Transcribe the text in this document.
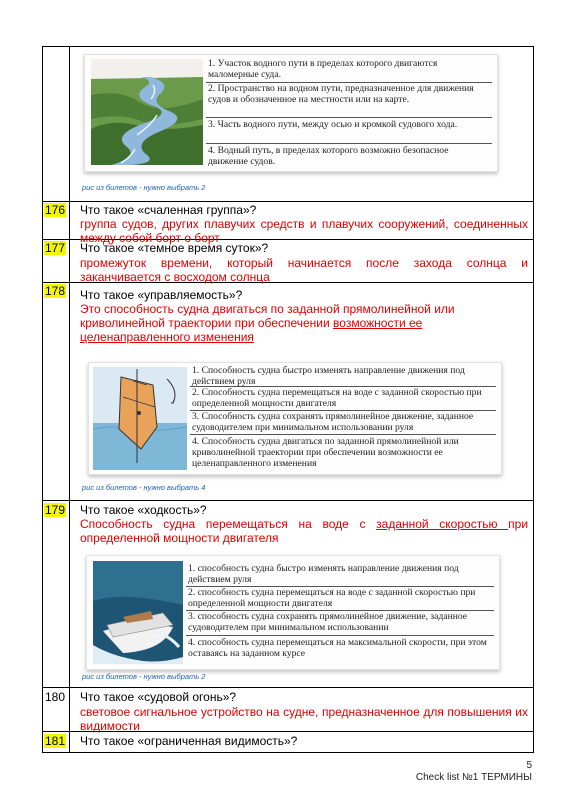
1. Участок водного пути в пределах которого двигаются маломерные суда.
2. Пространство на водном пути, предназначенное для движения судов и обозначенное на местности или на карте.
3. Часть водного пути, между осью и кромкой судового хода.
4. Водный путь, в пределах которого возможно безопасное движение судов.
рис из билетов - нужно выбрать 2
176 Что такое «счаленная группа»?
группа судов, других плавучих средств и плавучих сооружений, соединенных между собой борт о борт
177 Что такое «темное время суток»?
промежуток времени, который начинается после захода солнца и заканчивается с восходом солнца
178 Что такое «управляемость»?
Это способность судна двигаться по заданной прямолинейной или криволинейной траектории при обеспечении возможности ее целенаправленного изменения
1. Способность судна быстро изменять направление движения под действием руля
2. Способность судна перемещаться на воде с заданной скоростью при определенной мощности двигателя
3. Способность судна сохранять прямолинейное движение, заданное судоводителем при минимальном использовании руля
4. Способность судна двигаться по заданной прямолинейной или криволинейной траектории при обеспечении возможности ее целенаправленного изменения
рис из билетов - нужно выбрать 4
179 Что такое «ходкость»?
Способность судна перемещаться на воде с заданной скоростью при определенной мощности двигателя
1. способность судна быстро изменять направление движения под действием руля
2. способность судна перемещаться на воде с заданной скоростью при определенной мощности двигателя
3. способность судна сохранять прямолинейное движение, заданное судоводителем при минимальном использовании
4. способность судна перемещаться на максимальной скорости, при этом оставаясь на заданном курсе
рис из билетов - нужно выбрать 2
180 Что такое «судовой огонь»?
световое сигнальное устройство на судне, предназначенное для повышения их видимости
181 Что такое «ограниченная видимость»?
5
Check list №1 ТЕРМИНЫ
